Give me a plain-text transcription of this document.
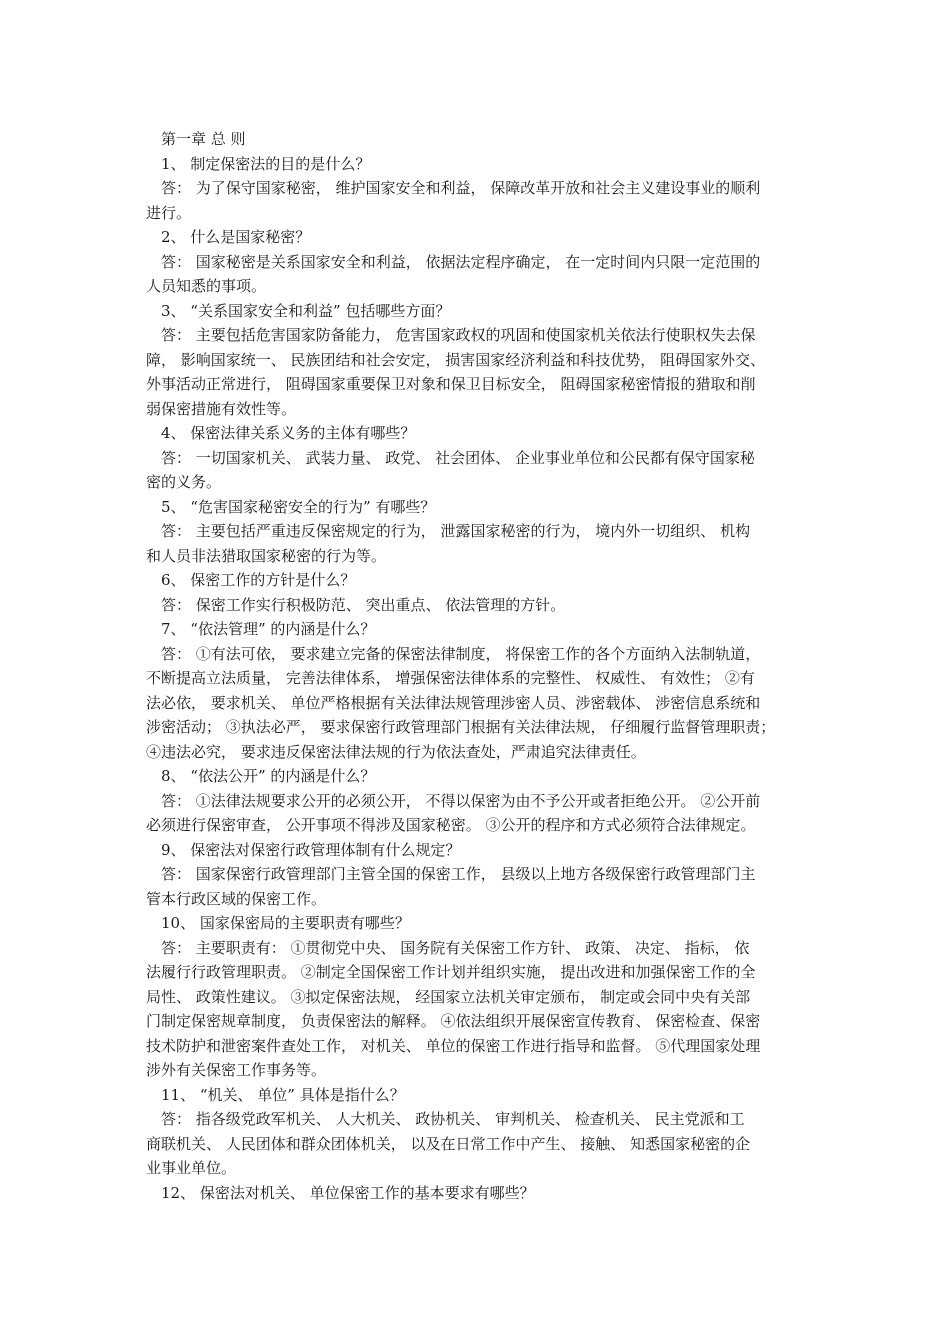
第一章 总 则
1、 制定保密法的目的是什么？
答： 为了保守国家秘密， 维护国家安全和利益， 保障改革开放和社会主义建设事业的顺利
进行。
2、 什么是国家秘密？
答： 国家秘密是关系国家安全和利益， 依据法定程序确定， 在一定时间内只限一定范围的
人员知悉的事项。
3、 “关系国家安全和利益” 包括哪些方面？
答： 主要包括危害国家防备能力， 危害国家政权的巩固和使国家机关依法行使职权失去保
障， 影响国家统一、 民族团结和社会安定， 损害国家经济利益和科技优势， 阻碍国家外交、
外事活动正常进行， 阻碍国家重要保卫对象和保卫目标安全， 阻碍国家秘密情报的猎取和削
弱保密措施有效性等。
4、 保密法律关系义务的主体有哪些？
答： 一切国家机关、 武装力量、 政党、 社会团体、 企业事业单位和公民都有保守国家秘
密的义务。
5、 “危害国家秘密安全的行为” 有哪些？
答： 主要包括严重违反保密规定的行为， 泄露国家秘密的行为， 境内外一切组织、 机构
和人员非法猎取国家秘密的行为等。
6、 保密工作的方针是什么？
答： 保密工作实行积极防范、 突出重点、 依法管理的方针。
7、 “依法管理” 的内涵是什么？
答： ①有法可依， 要求建立完备的保密法律制度， 将保密工作的各个方面纳入法制轨道，
不断提高立法质量， 完善法律体系， 增强保密法律体系的完整性、 权威性、 有效性； ②有
法必依， 要求机关、 单位严格根据有关法律法规管理涉密人员、涉密载体、 涉密信息系统和
涉密活动； ③执法必严， 要求保密行政管理部门根据有关法律法规， 仔细履行监督管理职责；
④违法必究， 要求违反保密法律法规的行为依法查处，严肃追究法律责任。
8、 “依法公开” 的内涵是什么？
答： ①法律法规要求公开的必须公开， 不得以保密为由不予公开或者拒绝公开。 ②公开前
必须进行保密审查， 公开事项不得涉及国家秘密。 ③公开的程序和方式必须符合法律规定。
9、 保密法对保密行政管理体制有什么规定？
答： 国家保密行政管理部门主管全国的保密工作， 县级以上地方各级保密行政管理部门主
管本行政区域的保密工作。
10、 国家保密局的主要职责有哪些？
答： 主要职责有： ①贯彻党中央、 国务院有关保密工作方针、 政策、 决定、 指标， 依
法履行行政管理职责。 ②制定全国保密工作计划并组织实施， 提出改进和加强保密工作的全
局性、 政策性建议。 ③拟定保密法规， 经国家立法机关审定颁布， 制定或会同中央有关部
门制定保密规章制度， 负责保密法的解释。 ④依法组织开展保密宣传教育、 保密检查、保密
技术防护和泄密案件查处工作， 对机关、 单位的保密工作进行指导和监督。 ⑤代理国家处理
涉外有关保密工作事务等。
11、 “机关、 单位” 具体是指什么？
答： 指各级党政军机关、 人大机关、 政协机关、 审判机关、 检查机关、 民主党派和工
商联机关、 人民团体和群众团体机关， 以及在日常工作中产生、 接触、 知悉国家秘密的企
业事业单位。
12、 保密法对机关、 单位保密工作的基本要求有哪些？
